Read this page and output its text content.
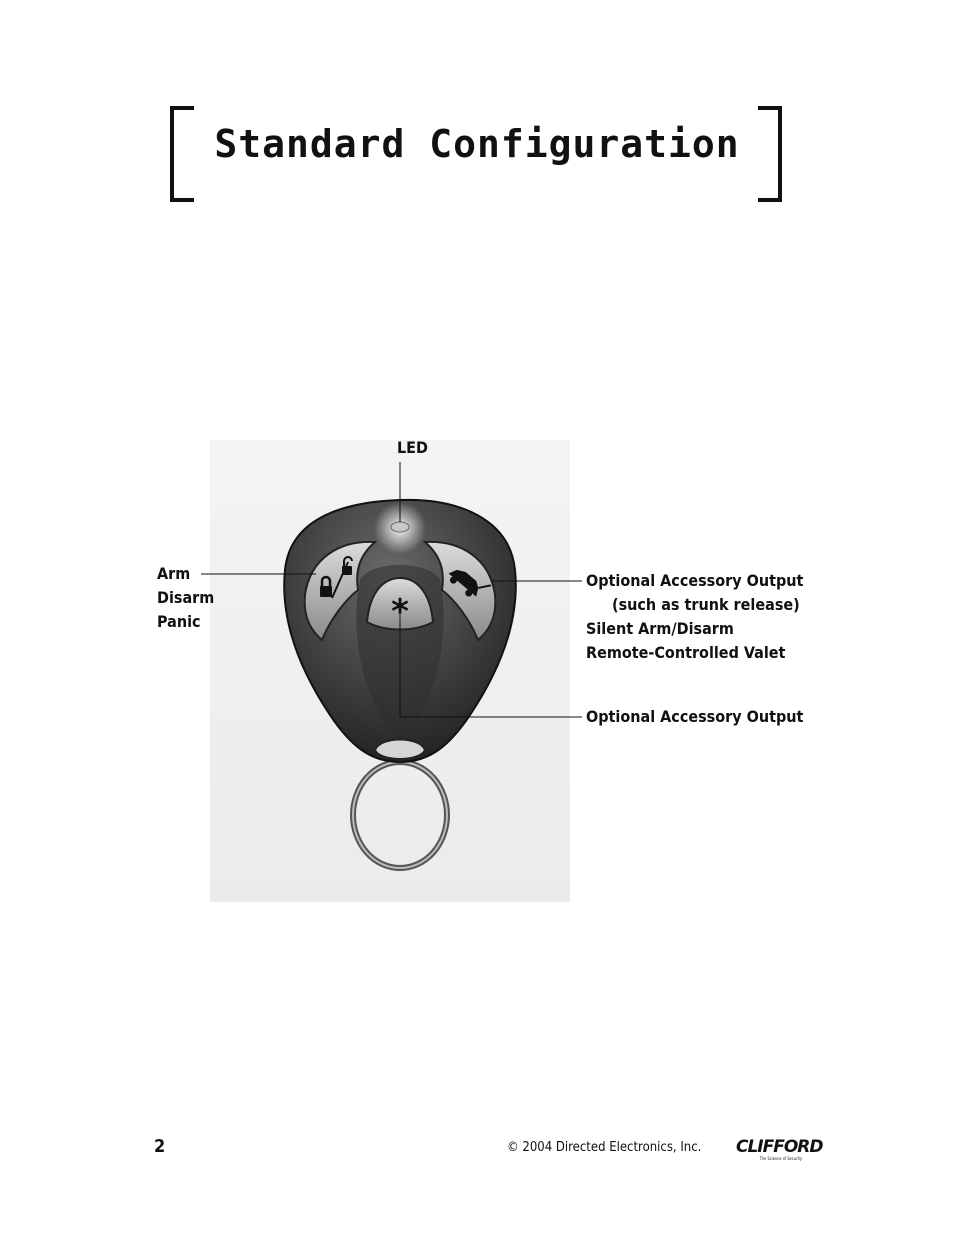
Standard Configuration
*
LED
Arm
Disarm
Panic
Optional Accessory Output
(such as trunk release)
Silent Arm/Disarm
Remote-Controlled Valet
Optional Accessory Output
2	© 2004 Directed Electronics, Inc. CLIFFORD
The Science of Security
